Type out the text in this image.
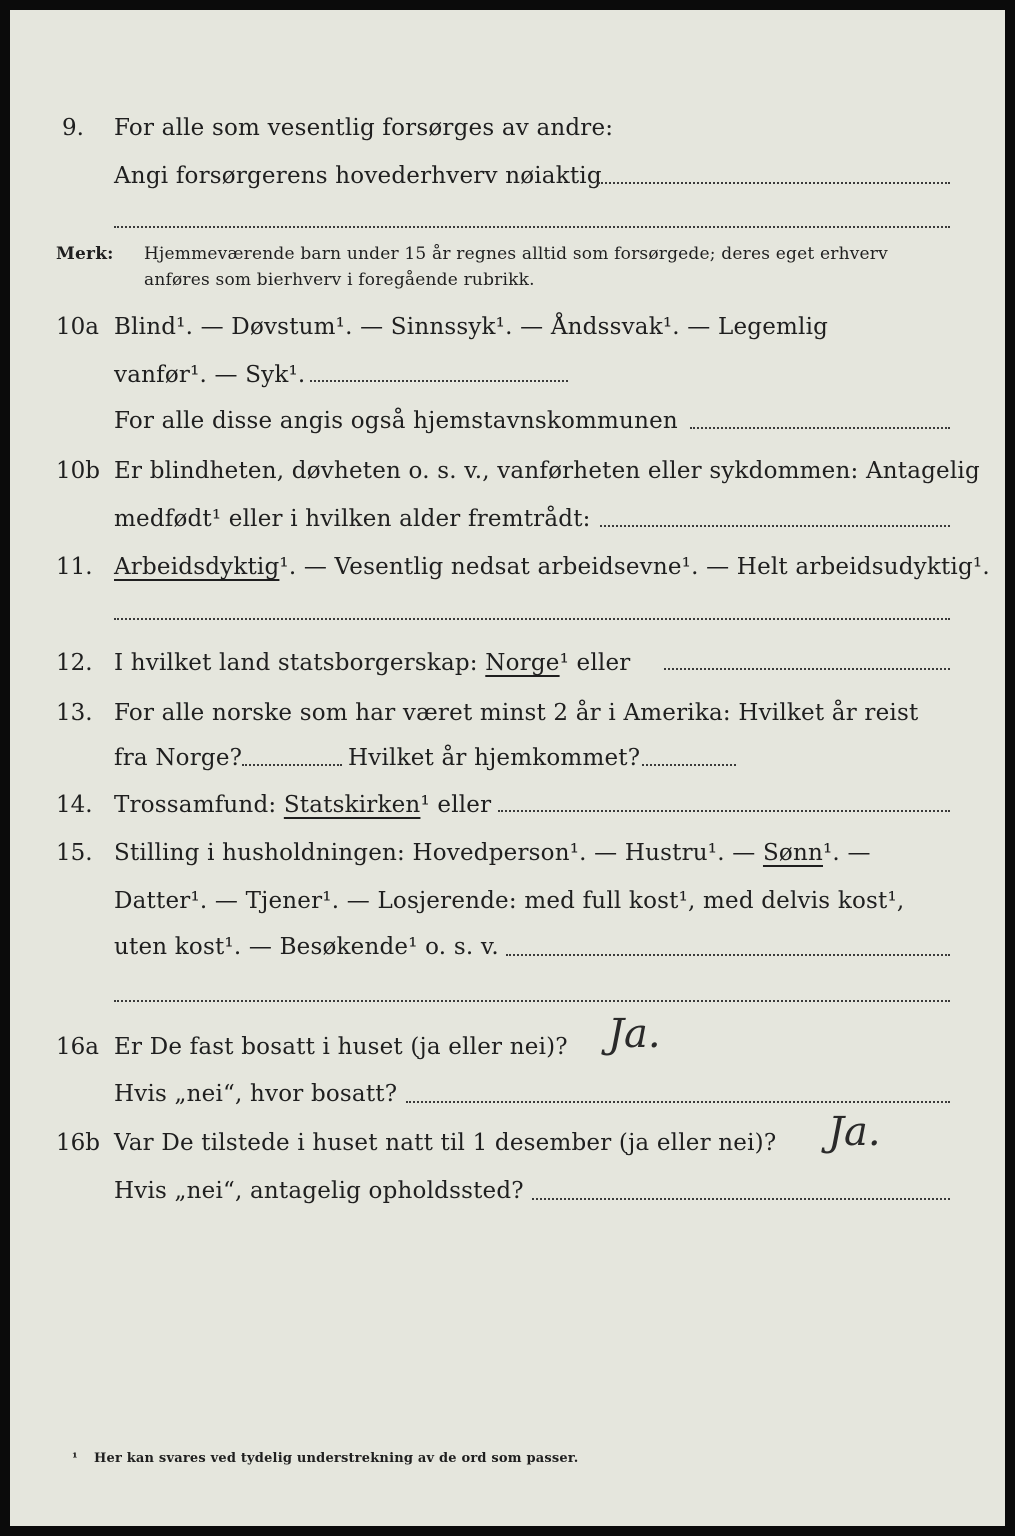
9. For alle som vesentlig forsørges av andre:
Angi forsørgerens hovederhverv nøiaktig
Merk: Hjemmeværende barn under 15 år regnes alltid som forsørgede; deres eget erhverv
anføres som bierhverv i foregående rubrikk.
10a Blind¹. — Døvstum¹. — Sinnssyk¹. — Åndssvak¹. — Legemlig
vanfør¹. — Syk¹.
For alle disse angis også hjemstavnskommunen
10b Er blindheten, døvheten o. s. v., vanførheten eller sykdommen: Antagelig
medfødt¹ eller i hvilken alder fremtrådt:
11. Arbeidsdyktig¹. — Vesentlig nedsat arbeidsevne¹. — Helt arbeidsudyktig¹.
12. I hvilket land statsborgerskap: Norge¹ eller
13. For alle norske som har været minst 2 år i Amerika: Hvilket år reist
fra Norge?	Hvilket år hjemkommet?
14. Trossamfund: Statskirken¹ eller
15. Stilling i husholdningen: Hovedperson¹. — Hustru¹. — Sønn¹. —
Datter¹. — Tjener¹. — Losjerende: med full kost¹, med delvis kost¹,
uten kost¹. — Besøkende¹ o. s. v.
16a Er De fast bosatt i huset (ja eller nei)? Ja.
Hvis „nei“, hvor bosatt?
16b Var De tilstede i huset natt til 1 desember (ja eller nei)? Ja.
Hvis „nei“, antagelig opholdssted?
¹ Her kan svares ved tydelig understrekning av de ord som passer.
